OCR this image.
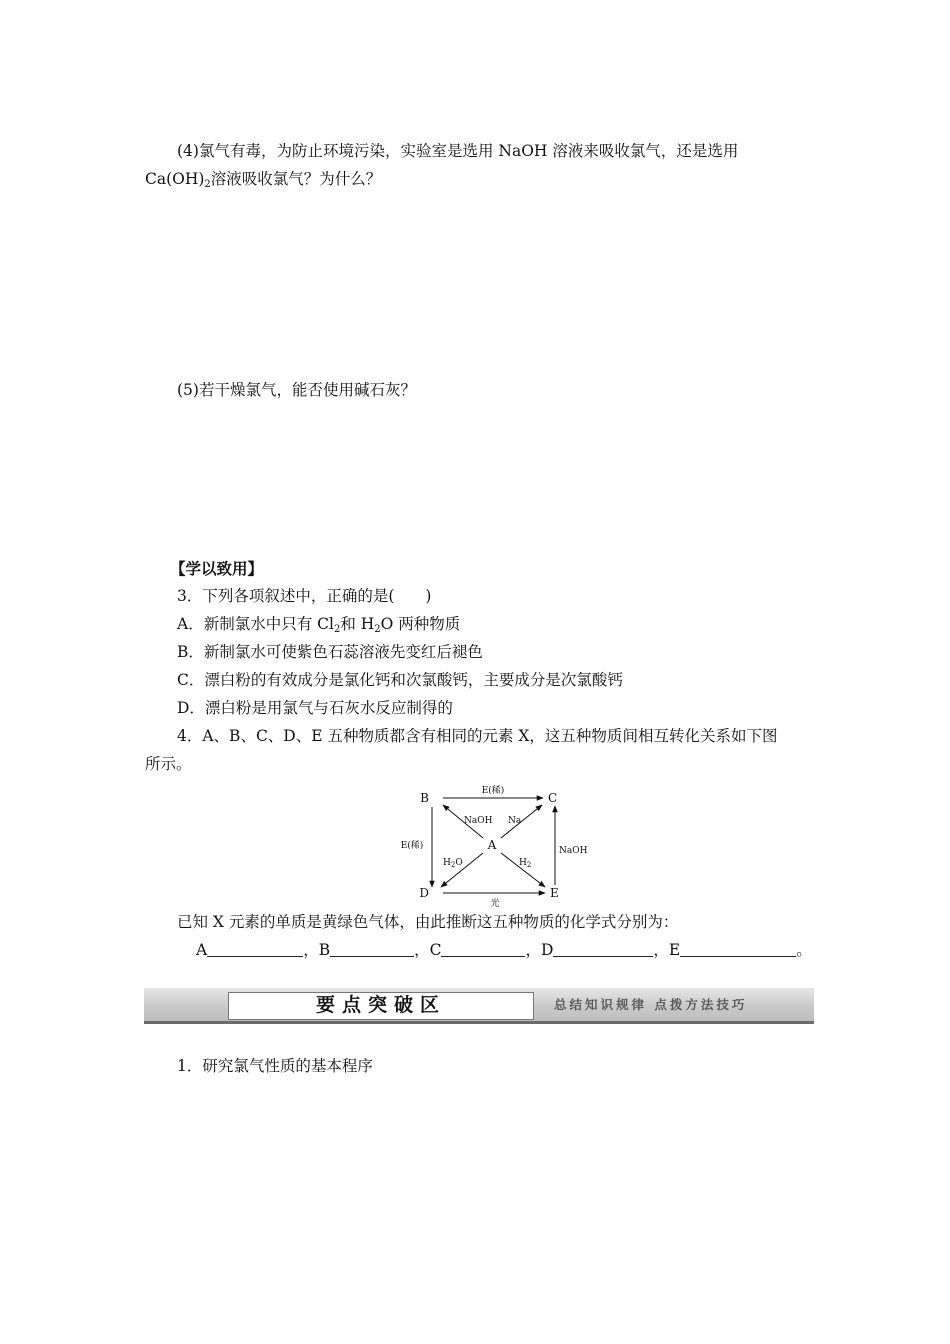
(4)氯气有毒，为防止环境污染，实验室是选用 NaOH 溶液来吸收氯气，还是选用
$Ca(OH)_2$溶液吸收氯气？为什么？
(5)若干燥氯气，能否使用碱石灰？
【学以致用】
3．下列各项叙述中，正确的是(　　)
A．新制氯水中只有 $Cl_2$和 $H_2O$ 两种物质
B．新制氯水可使紫色石蕊溶液先变红后褪色
C．漂白粉的有效成分是氯化钙和次氯酸钙，主要成分是次氯酸钙
D．漂白粉是用氯气与石灰水反应制得的
4．A、B、C、D、E 五种物质都含有相同的元素 X，这五种物质间相互转化关系如下图
所示。
B	C
D	E
A
E(稀)
E(稀)
光
NaOH
NaOH Na
$H_2O$	$H_2$
已知 X 元素的单质是黄绿色气体，由此推断这五种物质的化学式分别为：
A	，B	，C	，D	，E	。
要点突破区	总结知识规律 点拨方法技巧
1．研究氯气性质的基本程序
